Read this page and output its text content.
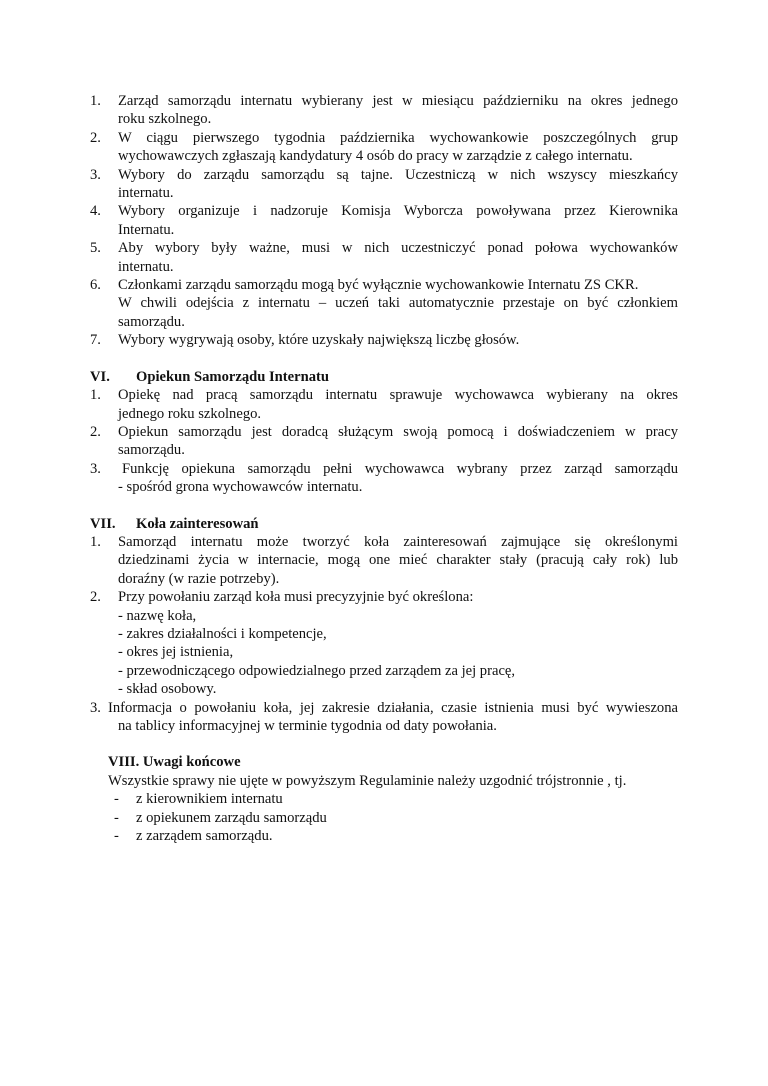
1.	Zarząd samorządu internatu wybierany jest w miesiącu październiku na okres jednego
roku szkolnego.
2.	W ciągu pierwszego tygodnia października wychowankowie poszczególnych grup
wychowawczych zgłaszają kandydatury 4 osób do pracy w zarządzie z całego internatu.
3.	Wybory do zarządu samorządu są tajne. Uczestniczą w nich wszyscy mieszkańcy
internatu.
4.	Wybory organizuje i nadzoruje Komisja Wyborcza powoływana przez Kierownika
Internatu.
5.	Aby wybory były ważne, musi w nich uczestniczyć ponad połowa wychowanków
internatu.
6.	Członkami zarządu samorządu mogą być wyłącznie wychowankowie Internatu ZS CKR.
W chwili odejścia z internatu – uczeń taki automatycznie przestaje on być członkiem
samorządu.
7.	Wybory wygrywają osoby, które uzyskały największą liczbę głosów.
VI.	Opiekun Samorządu Internatu
1.	Opiekę nad pracą samorządu internatu sprawuje wychowawca wybierany na okres
jednego roku szkolnego.
2.	Opiekun samorządu jest doradcą służącym swoją pomocą i doświadczeniem w pracy
samorządu.
3.	Funkcję opiekuna samorządu pełni wychowawca wybrany przez zarząd samorządu
- spośród grona wychowawców internatu.
VII.	Koła zainteresowań
1.	Samorząd internatu może tworzyć koła zainteresowań zajmujące się określonymi
dziedzinami życia w internacie, mogą one mieć charakter stały (pracują cały rok) lub
doraźny (w razie potrzeby).
2.	Przy powołaniu zarząd koła musi precyzyjnie być określona:
- nazwę koła,
- zakres działalności i kompetencje,
- okres jej istnienia,
- przewodniczącego odpowiedzialnego przed zarządem za jej pracę,
- skład osobowy.
3. Informacja o powołaniu koła, jej zakresie działania, czasie istnienia musi być wywieszona
na tablicy informacyjnej w terminie tygodnia od daty powołania.
VIII. Uwagi końcowe
Wszystkie sprawy nie ujęte w powyższym Regulaminie należy uzgodnić trójstronnie , tj.
-	z kierownikiem internatu
-	z opiekunem zarządu samorządu
-	z zarządem samorządu.
